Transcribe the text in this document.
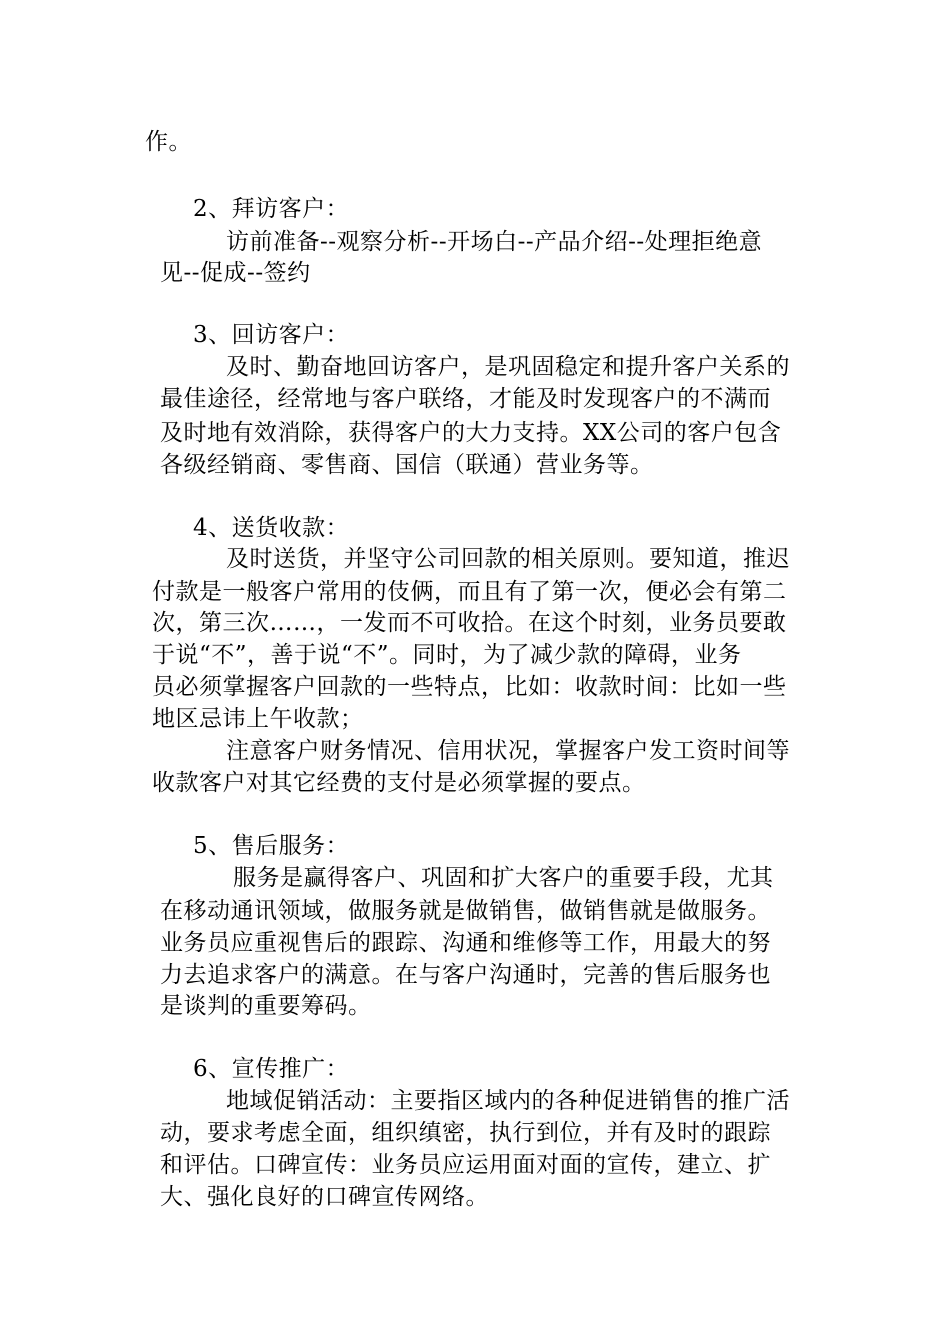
作。
2、拜访客户：
访前准备--观察分析--开场白--产品介绍--处理拒绝意
见--促成--签约
3、回访客户：
及时、勤奋地回访客户，是巩固稳定和提升客户关系的
最佳途径，经常地与客户联络，才能及时发现客户的不满而
及时地有效消除，获得客户的大力支持。XX公司的客户包含
各级经销商、零售商、国信（联通）营业务等。
4、送货收款：
及时送货，并坚守公司回款的相关原则。要知道，推迟
付款是一般客户常用的伎俩，而且有了第一次，便必会有第二
次，第三次……，一发而不可收拾。在这个时刻，业务员要敢
于说“不”，善于说“不”。同时，为了减少款的障碍，业务
员必须掌握客户回款的一些特点，比如：收款时间：比如一些
地区忌讳上午收款；
注意客户财务情况、信用状况，掌握客户发工资时间等
收款客户对其它经费的支付是必须掌握的要点。
5、售后服务：
服务是赢得客户、巩固和扩大客户的重要手段，尤其
在移动通讯领域，做服务就是做销售，做销售就是做服务。
业务员应重视售后的跟踪、沟通和维修等工作，用最大的努
力去追求客户的满意。在与客户沟通时，完善的售后服务也
是谈判的重要筹码。
6、宣传推广：
地域促销活动：主要指区域内的各种促进销售的推广活
动，要求考虑全面，组织缜密，执行到位，并有及时的跟踪
和评估。口碑宣传：业务员应运用面对面的宣传，建立、扩
大、强化良好的口碑宣传网络。
